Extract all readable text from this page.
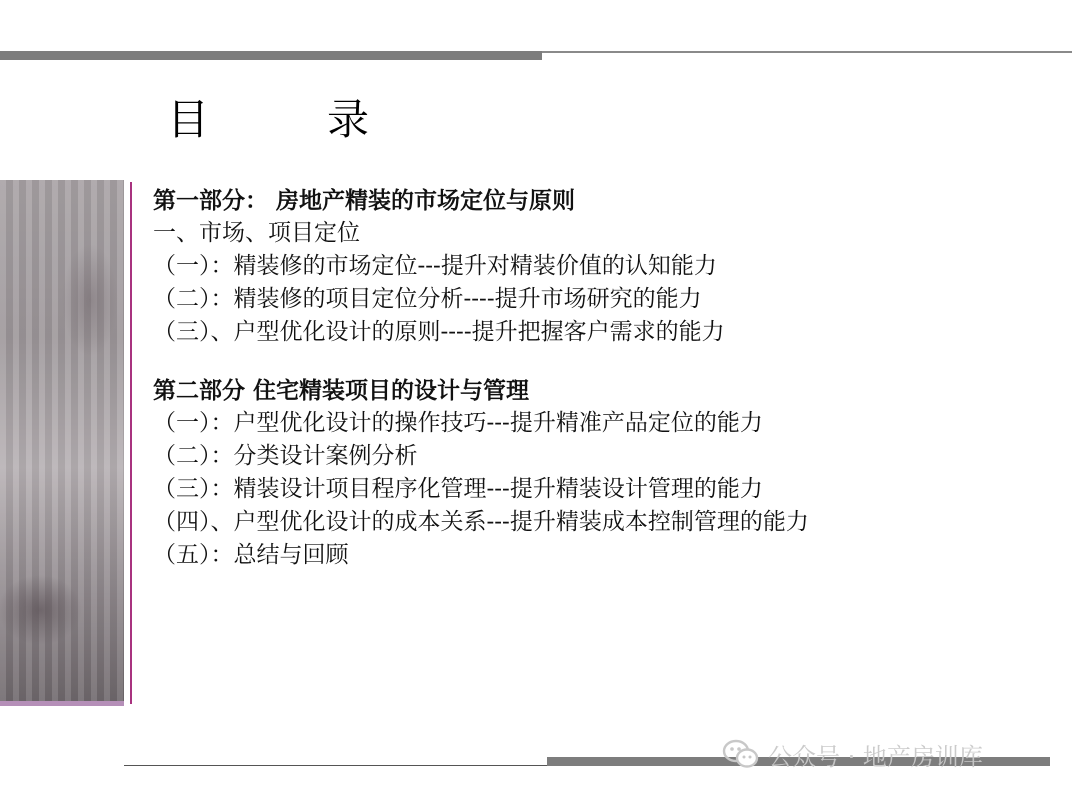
目	录
第一部分： 房地产精装的市场定位与原则
一、市场、项目定位
（一）：精装修的市场定位---提升对精装价值的认知能力
（二）：精装修的项目定位分析----提升市场研究的能力
（三）、户型优化设计的原则----提升把握客户需求的能力
第二部分 住宅精装项目的设计与管理
（一）：户型优化设计的操作技巧---提升精准产品定位的能力
（二）：分类设计案例分析
（三）：精装设计项目程序化管理---提升精装设计管理的能力
（四）、户型优化设计的成本关系---提升精装成本控制管理的能力
（五）：总结与回顾
公众号 · 地产房训库
